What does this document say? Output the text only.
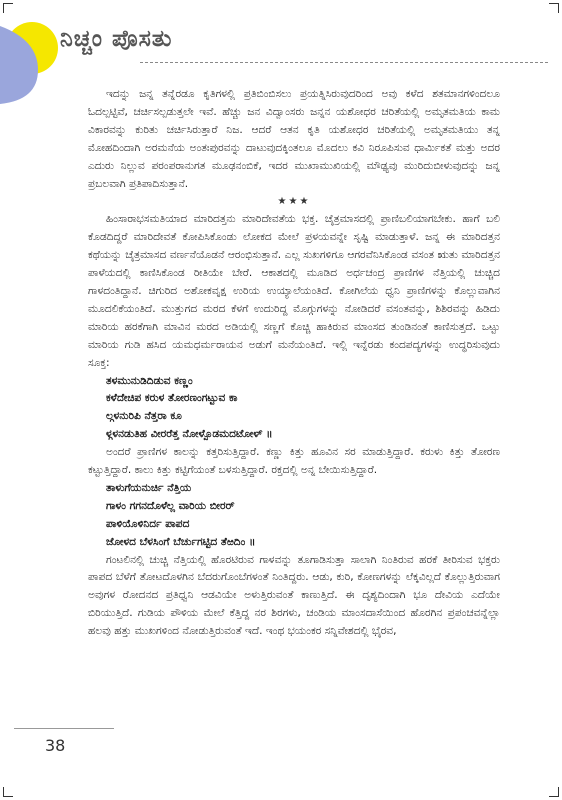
ನಿಚ್ಚಂ ಪೊಸತು

ಇದನ್ನು ಜನ್ನ ತನ್ನೆರಡೂ ಕೃತಿಗಳಲ್ಲಿ ಪ್ರತಿಬಿಂಬಿಸಲು ಪ್ರಯತ್ನಿಸಿರುವುದರಿಂದ ಅವು ಕಳೆದ ಶತಮಾನಗಳಿಂದಲೂ ಓದಲ್ಪಟ್ಟಿವೆ, ಚರ್ಚಿಸಲ್ಪಡುತ್ತಲೇ ಇವೆ. ಹೆಚ್ಚು ಜನ ವಿದ್ವಾಂಸರು ಜನ್ನನ ಯಶೋಧರ ಚರಿತೆಯಲ್ಲಿ ಅಮೃತಮತಿಯ ಕಾಮ ವಿಕಾರವನ್ನು ಕುರಿತು ಚರ್ಚಿಸಿರುತ್ತಾರೆ ನಿಜ. ಆದರೆ ಆತನ ಕೃತಿ ಯಶೋಧರ ಚರಿತೆಯಲ್ಲಿ ಅಮೃತಮತಿಯು ತನ್ನ ಮೋಹದಿಂದಾಗಿ ಅರಮನೆಯ ಅಂತಃಪುರವನ್ನು ದಾಟುವುದಕ್ಕಿಂತಲೂ ಮೊದಲು ಕವಿ ನಿರೂಪಿಸುವ ಧಾರ್ಮಿಕತೆ ಮತ್ತು ಅದರ ಎದುರು ನಿಲ್ಲುವ ಪರಂಪರಾನುಗತ ಮೂಢನಂಬಿಕೆ, ಇದರ ಮುಖಾಮುಖಿಯಲ್ಲಿ ಮೌಢ್ಯವು ಮುರಿದುಬೀಳುವುದನ್ನು ಜನ್ನ ಪ್ರಬಲವಾಗಿ ಪ್ರತಿಪಾದಿಸುತ್ತಾನೆ.

★★★

ಹಿಂಸಾರಾಭಸಮತಿಯಾದ ಮಾರಿದತ್ತನು ಮಾರಿದೇವತೆಯ ಭಕ್ತ. ಚೈತ್ರಮಾಸದಲ್ಲಿ ಪ್ರಾಣಿಬಲಿಯಾಗಬೇಕು. ಹಾಗೆ ಬಲಿ ಕೊಡದಿದ್ದರೆ ಮಾರಿದೇವತೆ ಕೋಪಿಸಿಕೊಂಡು ಲೋಕದ ಮೇಲೆ ಪ್ರಳಯವನ್ನೇ ಸೃಷ್ಟಿ ಮಾಡುತ್ತಾಳೆ. ಜನ್ನ ಈ ಮಾರಿದತ್ತನ ಕಥೆಯನ್ನು ಚೈತ್ರಮಾಸದ ವರ್ಣನೆಯೊಡನೆ ಆರಂಭಿಸುತ್ತಾನೆ. ಎಲ್ಲ ಸುಖಗಳಿಗೂ ಆಗರವೆನಿಸಿಕೊಂಡ ವಸಂತ ಋತು ಮಾರಿದತ್ತನ ಪಾಳೆಯದಲ್ಲಿ ಕಾಣಿಸಿಕೊಂಡ ರೀತಿಯೇ ಬೇರೆ. ಆಕಾಶದಲ್ಲಿ ಮೂಡಿದ ಅರ್ಧಚಂದ್ರ ಪ್ರಾಣಿಗಳ ನೆತ್ತಿಯಲ್ಲಿ ಚುಚ್ಚಿದ ಗಾಳದಂತಿದ್ದಾನೆ. ಚಿಗುರಿದ ಅಶೋಕವೃಕ್ಷ ಉರಿಯ ಉಯ್ಯಾಲೆಯಂತಿದೆ. ಕೋಗಿಲೆಯ ಧ್ವನಿ ಪ್ರಾಣಿಗಳನ್ನು ಕೊಲ್ಲುವಾಗಿನ ಮೂದಲಿಕೆಯಂತಿದೆ. ಮುತ್ತುಗದ ಮರದ ಕೆಳಗೆ ಉದುರಿದ್ದ ಮೊಗ್ಗುಗಳನ್ನು ನೋಡಿದರೆ ವಸಂತವನ್ನು, ಶಿಶಿರವನ್ನು ಹಿಡಿದು ಮಾರಿಯ ಹರಕೆಗಾಗಿ ಮಾವಿನ ಮರದ ಅಡಿಯಲ್ಲಿ ಸಣ್ಣಗೆ ಕೊಚ್ಚಿ ಹಾಕಿರುವ ಮಾಂಸದ ತುಂಡಿನಂತೆ ಕಾಣಿಸುತ್ತದೆ. ಒಟ್ಟು ಮಾರಿಯ ಗುಡಿ ಹಸಿದ ಯಮಧರ್ಮರಾಯನ ಅಡುಗೆ ಮನೆಯಂತಿದೆ. ಇಲ್ಲಿ ಇನ್ನೆರಡು ಕಂದಪದ್ಯಗಳನ್ನು ಉದ್ಧರಿಸುವುದು ಸೂಕ್ತ:

ತಳಮುನುಡಿದಿಡುವ ಕಣ್ಣಂ

ಕಳೆದೇಚಿಪ ಕರುಳ ತೋರಣಂಗಟ್ಟುವ ಕಾ

ಲ್ಗಳನುರಿಪಿ ನೆತ್ತರಾ ಕೂ

ಳ್ಗಳನಡುತಿಹ ವೀರರೆತ್ತ ನೋಳ್ಪೊಡಮದಟೋಳ್ ॥

ಅಂದರೆ ಪ್ರಾಣಿಗಳ ಕಾಲನ್ನು ಕತ್ತರಿಸುತ್ತಿದ್ದಾರೆ. ಕಣ್ಣು ಕಿತ್ತು ಹೂವಿನ ಸರ ಮಾಡುತ್ತಿದ್ದಾರೆ. ಕರುಳು ಕಿತ್ತು ತೋರಣ ಕಟ್ಟುತ್ತಿದ್ದಾರೆ. ಕಾಲು ಕಿತ್ತು ಕಟ್ಟಿಗೆಯಂತೆ ಬಳಸುತ್ತಿದ್ದಾರೆ. ರಕ್ತದಲ್ಲಿ ಅನ್ನ ಬೇಯಿಸುತ್ತಿದ್ದಾರೆ.

ತಾಳುಗೆಯನುರ್ಚಿ ನೆತ್ತಿಯ

ಗಾಳಂ ಗಗನದೊಳೆಲ್ಲ ವಾರಿಯ ಬೀರರ್

ಪಾಳಿಯೊಳಿನಿರ್ದ ಪಾಪದ

ಜೋಳದ ಬೆಳಸಿಂಗೆ ಬೆರ್ಚುಗಟ್ಟಿದ ತೆಱದಿಂ ॥

ಗಂಟಲಿನಲ್ಲಿ ಚುಚ್ಚಿ ನೆತ್ತಿಯಲ್ಲಿ ಹೊರಟಿರುವ ಗಾಳವನ್ನು ತೂಗಾಡಿಸುತ್ತಾ ಸಾಲಾಗಿ ನಿಂತಿರುವ ಹರಕೆ ತೀರಿಸುವ ಭಕ್ತರು ಪಾಪದ ಬೆಳೆಗೆ ತೋಟದೊಳಗಿನ ಬೆದರುಗೊಂಬೆಗಳಂತೆ ನಿಂತಿದ್ದರು. ಆಡು, ಕುರಿ, ಕೋಣಗಳನ್ನು ಲೆಕ್ಕವಿಲ್ಲದೆ ಕೊಲ್ಲುತ್ತಿರುವಾಗ ಅವುಗಳ ರೋದನದ ಪ್ರತಿಧ್ವನಿ ಆಡವಿಯೇ ಅಳುತ್ತಿರುವಂತೆ ಕಾಣುತ್ತಿದೆ. ಈ ದೃಶ್ಯದಿಂದಾಗಿ ಭೂ ದೇವಿಯ ಎದೆಯೇ ಬಿರಿಯುತ್ತಿದೆ. ಗುಡಿಯ ಪೌಳಿಯ ಮೇಲೆ ಕೆತ್ತಿದ್ದ ನರ ಶಿರಗಳು, ಚಂಡಿಯ ಮಾಂಸದಾಸೆಯಿಂದ ಹೊರಗಿನ ಪ್ರಪಂಚವನ್ನೆಲ್ಲಾ ಹಲವು ಹತ್ತು ಮುಖಗಳಿಂದ ನೋಡುತ್ತಿರುವಂತೆ ಇದೆ. ಇಂಥ ಭಯಂಕರ ಸನ್ನಿವೇಶದಲ್ಲಿ ಭೈರವ,

38
